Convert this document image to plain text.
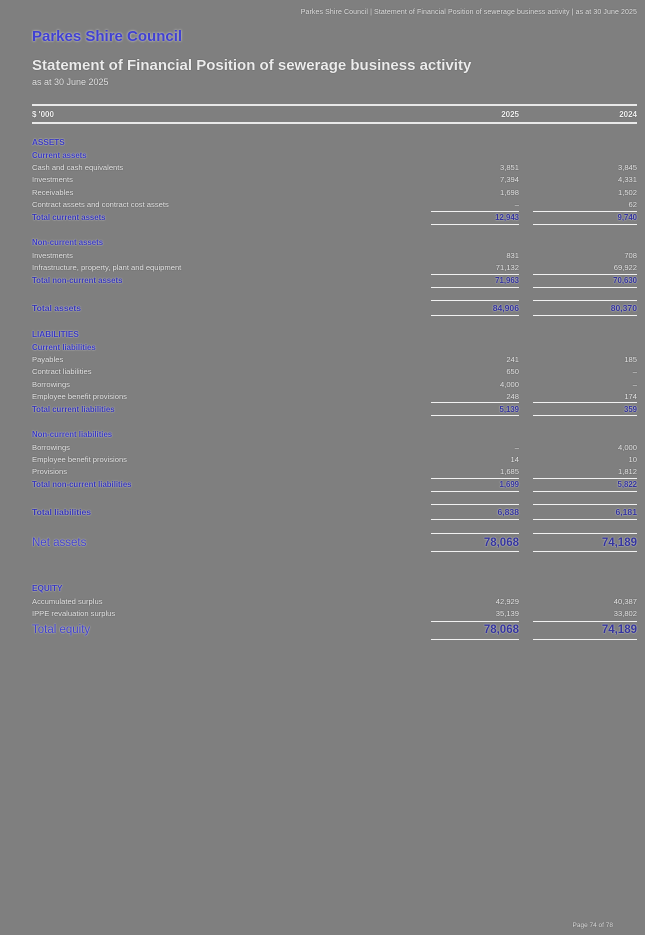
Parkes Shire Council | Statement of Financial Position of sewerage business activity | as at 30 June 2025
Parkes Shire Council
Statement of Financial Position of sewerage business activity
as at 30 June 2025
$ '000	2025	2024
ASSETS
Current assets
Cash and cash equivalents	3,851	3,845
Investments	7,394	4,331
Receivables	1,698	1,502
Contract assets and contract cost assets	–	62
Total current assets	12,943	9,740
Non-current assets
Investments	831	708
Infrastructure, property, plant and equipment	71,132	69,922
Total non-current assets	71,963	70,630
Total assets	84,906	80,370
LIABILITIES
Current liabilities
Payables	241	185
Contract liabilities	650	–
Borrowings	4,000	–
Employee benefit provisions	248	174
Total current liabilities	5,139	359
Non-current liabilities
Borrowings	–	4,000
Employee benefit provisions	14	10
Provisions	1,685	1,812
Total non-current liabilities	1,699	5,822
Total liabilities	6,838	6,181
Net assets	78,068	74,189
EQUITY
Accumulated surplus	42,929	40,387
IPPE revaluation surplus	35,139	33,802
Total equity	78,068	74,189
Page 74 of 78
